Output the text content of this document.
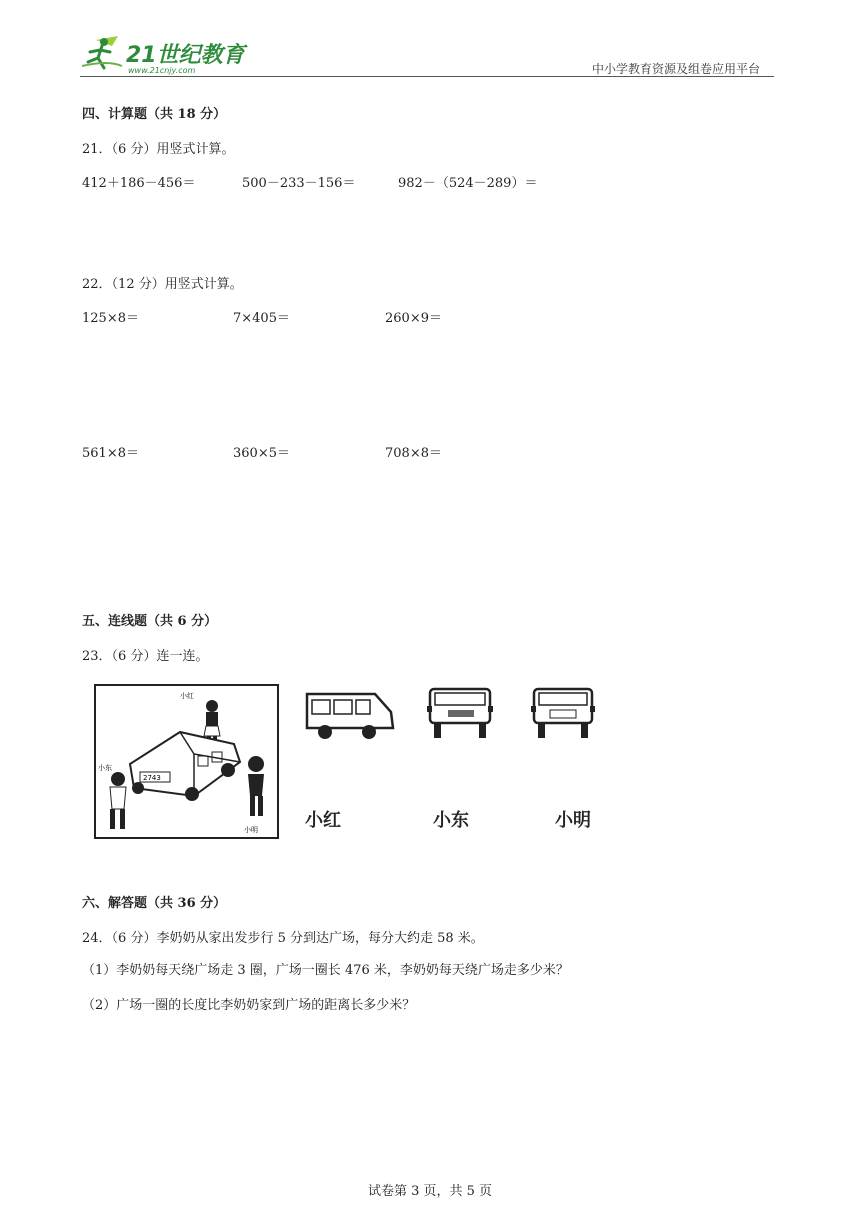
21世纪教育
www.21cnjy.com	中小学教育资源及组卷应用平台
四、计算题（共 18 分）
21．（6 分）用竖式计算。
412＋186－456＝	500－233－156＝	982－（524－289）＝
22．（12 分）用竖式计算。
125×8＝	7×405＝	260×9＝
561×8＝	360×5＝	708×8＝
五、连线题（共 6 分）
23．（6 分）连一连。
小红
2743
小东
小明	小红	小东	小明
六、解答题（共 36 分）
24．（6 分）李奶奶从家出发步行 5 分到达广场，每分大约走 58 米。
（1）李奶奶每天绕广场走 3 圈，广场一圈长 476 米，李奶奶每天绕广场走多少米？
（2）广场一圈的长度比李奶奶家到广场的距离长多少米？
试卷第 3 页，共 5 页
